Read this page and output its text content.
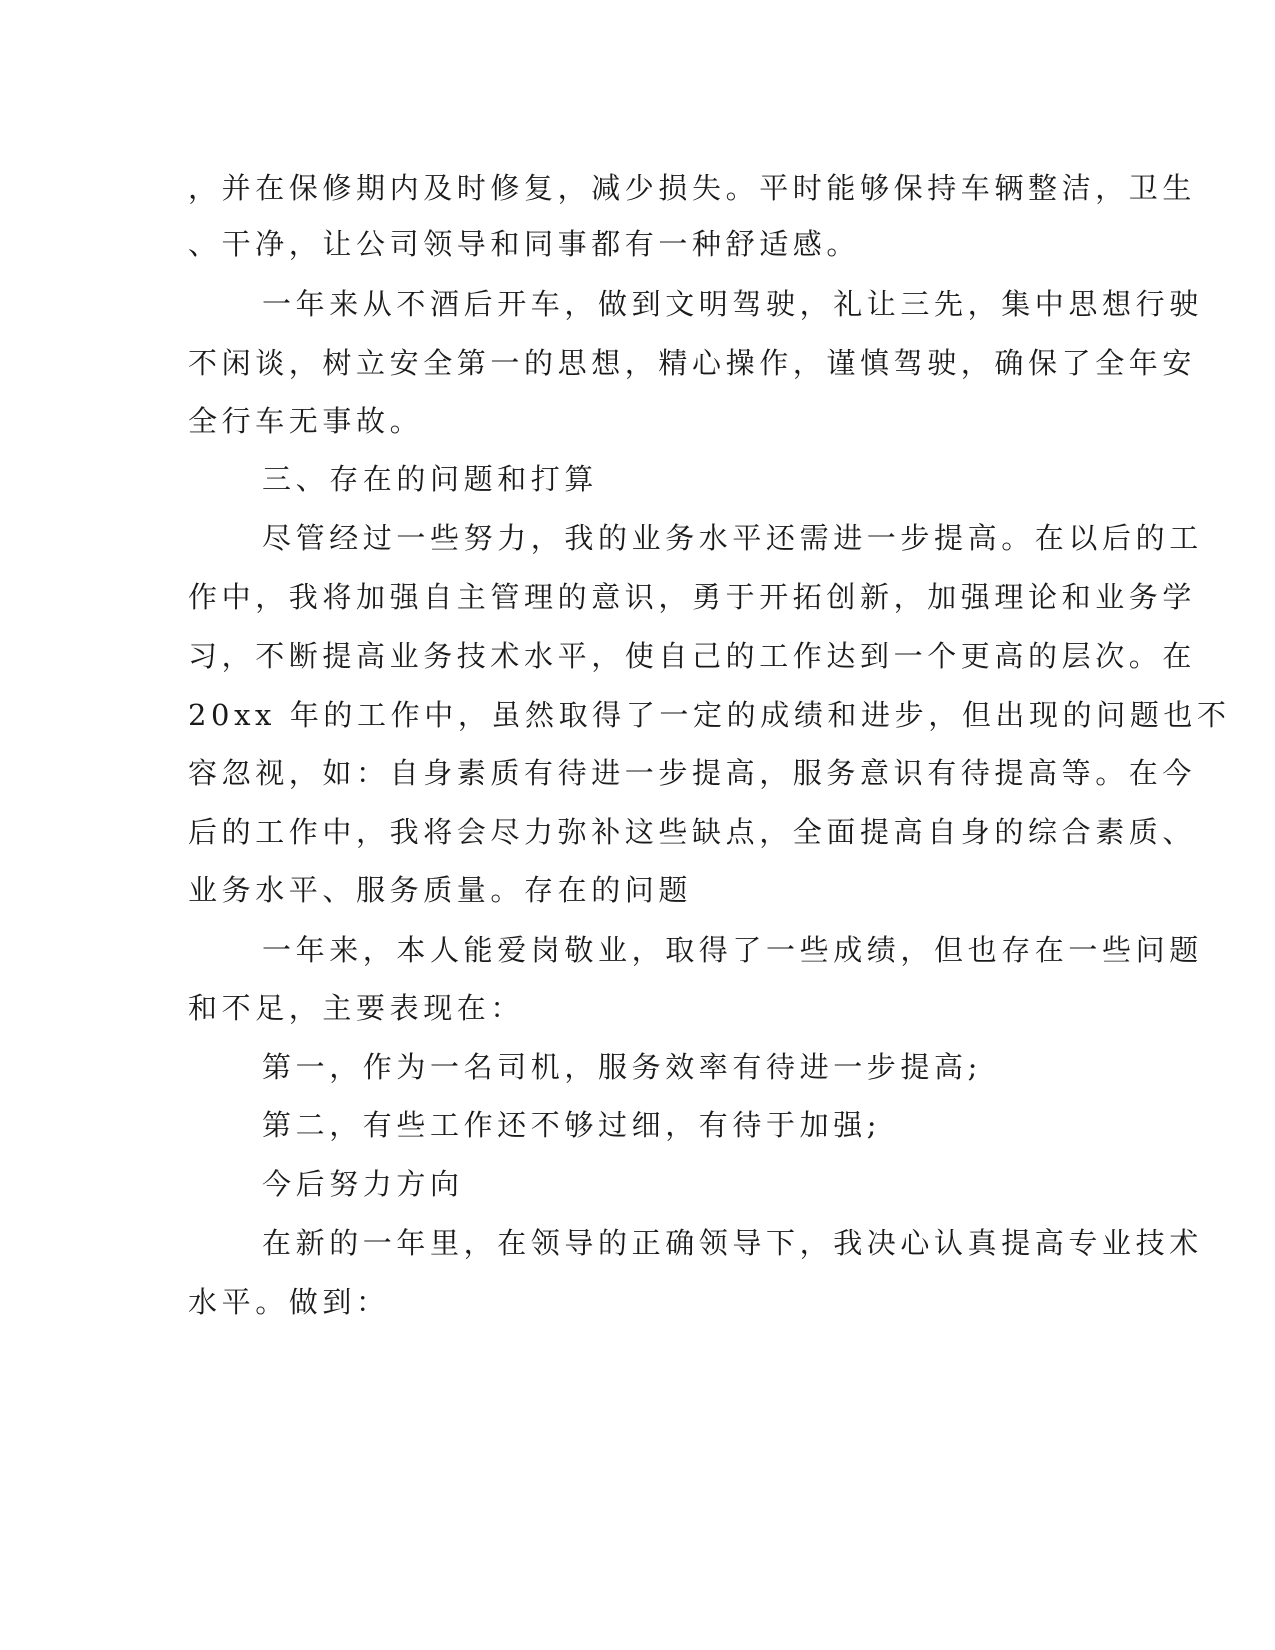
，并在保修期内及时修复，减少损失。平时能够保持车辆整洁，卫生
、干净，让公司领导和同事都有一种舒适感。
一年来从不酒后开车，做到文明驾驶，礼让三先，集中思想行驶
不闲谈，树立安全第一的思想，精心操作，谨慎驾驶，确保了全年安
全行车无事故。
三、存在的问题和打算
尽管经过一些努力，我的业务水平还需进一步提高。在以后的工
作中，我将加强自主管理的意识，勇于开拓创新，加强理论和业务学
习，不断提高业务技术水平，使自己的工作达到一个更高的层次。在
20xx 年的工作中，虽然取得了一定的成绩和进步，但出现的问题也不
容忽视，如：自身素质有待进一步提高，服务意识有待提高等。在今
后的工作中，我将会尽力弥补这些缺点，全面提高自身的综合素质、
业务水平、服务质量。存在的问题
一年来，本人能爱岗敬业，取得了一些成绩，但也存在一些问题
和不足，主要表现在：
第一，作为一名司机，服务效率有待进一步提高;
第二，有些工作还不够过细，有待于加强;
今后努力方向
在新的一年里，在领导的正确领导下，我决心认真提高专业技术
水平。做到：
